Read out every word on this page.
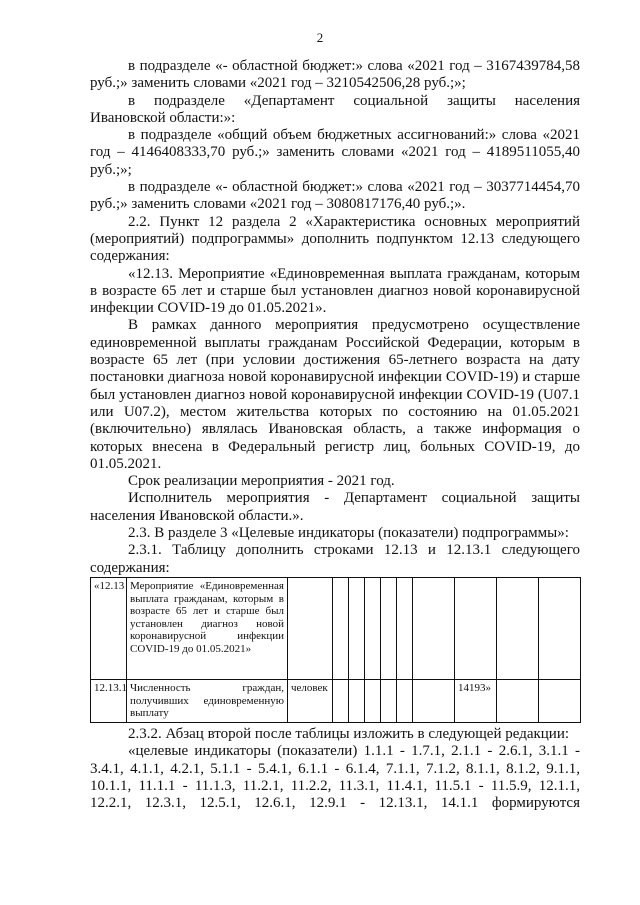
2

в подразделе «- областной бюджет:» слова «2021 год – 3167439784,58 руб.;» заменить словами «2021 год – 3210542506,28 руб.;»;

в подразделе «Департамент социальной защиты населения Ивановской области:»:

в подразделе «общий объем бюджетных ассигнований:» слова «2021 год – 4146408333,70 руб.;» заменить словами «2021 год – 4189511055,40 руб.;»;

в подразделе «- областной бюджет:» слова «2021 год – 3037714454,70 руб.;» заменить словами «2021 год – 3080817176,40 руб.;».

2.2. Пункт 12 раздела 2 «Характеристика основных мероприятий (мероприятий) подпрограммы» дополнить подпунктом 12.13 следующего содержания:

«12.13. Мероприятие «Единовременная выплата гражданам, которым в возрасте 65 лет и старше был установлен диагноз новой коронавирусной инфекции COVID-19 до 01.05.2021».

В рамках данного мероприятия предусмотрено осуществление единовременной выплаты гражданам Российской Федерации, которым в возрасте 65 лет (при условии достижения 65-летнего возраста на дату постановки диагноза новой коронавирусной инфекции COVID-19) и старше был установлен диагноз новой коронавирусной инфекции COVID-19 (U07.1 или U07.2), местом жительства которых по состоянию на 01.05.2021 (включительно) являлась Ивановская область, а также информация о которых внесена в Федеральный регистр лиц, больных COVID-19, до 01.05.2021.

Срок реализации мероприятия - 2021 год.

Исполнитель мероприятия - Департамент социальной защиты населения Ивановской области.».

2.3. В разделе 3 «Целевые индикаторы (показатели) подпрограммы»:

2.3.1. Таблицу дополнить строками 12.13 и 12.13.1 следующего содержания:

«12.13	Мероприятие «Единовременная выплата гражданам, которым в возрасте 65 лет и старше был установлен диагноз новой коронавирусной инфекции COVID-19 до 01.05.2021»										
12.13.1	Численность граждан, получивших единовременную выплату	человек							14193»		

2.3.2. Абзац второй после таблицы изложить в следующей редакции:

«целевые индикаторы (показатели) 1.1.1 - 1.7.1, 2.1.1 - 2.6.1, 3.1.1 - 3.4.1, 4.1.1, 4.2.1, 5.1.1 - 5.4.1, 6.1.1 - 6.1.4, 7.1.1, 7.1.2, 8.1.1, 8.1.2, 9.1.1, 10.1.1, 11.1.1 - 11.1.3, 11.2.1, 11.2.2, 11.3.1, 11.4.1, 11.5.1 - 11.5.9, 12.1.1, 12.2.1, 12.3.1, 12.5.1, 12.6.1, 12.9.1 - 12.13.1, 14.1.1 формируются
